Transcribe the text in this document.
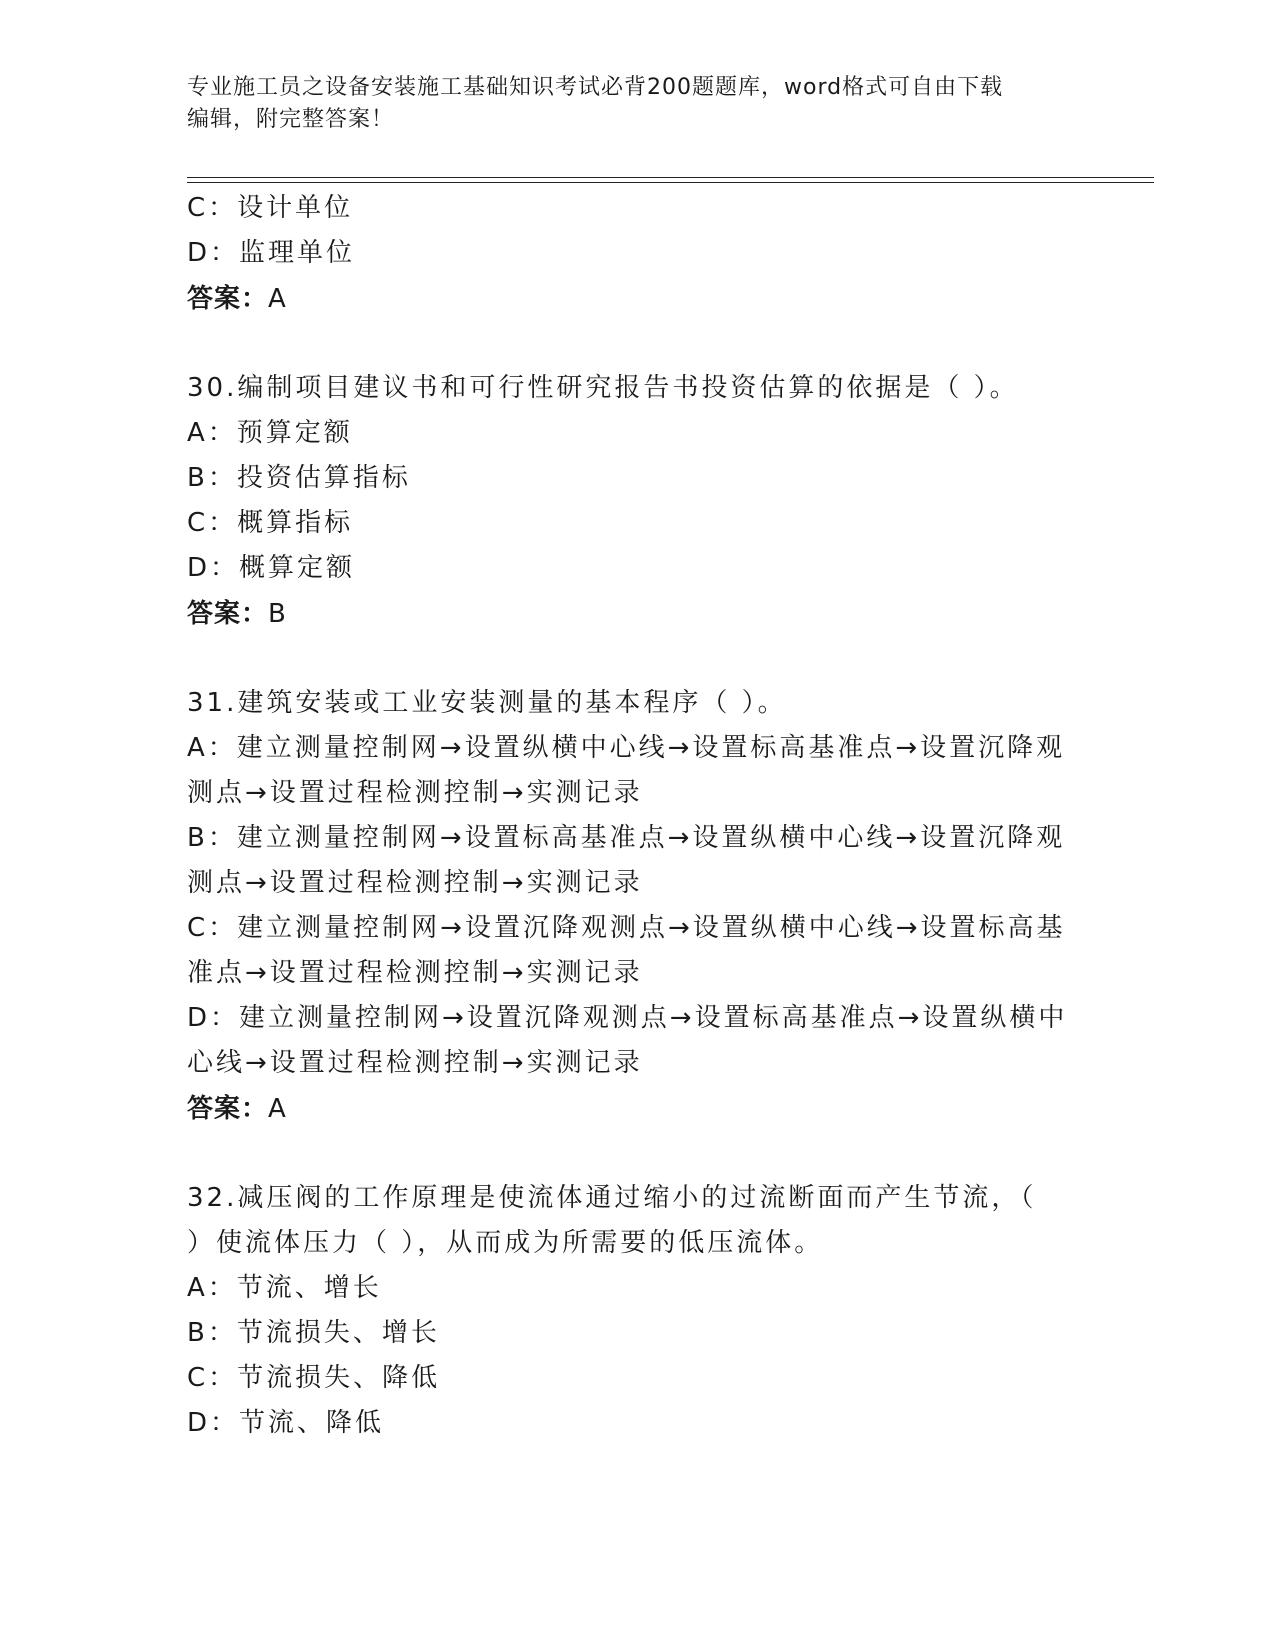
专业施工员之设备安装施工基础知识考试必背200题题库，word格式可自由下载

编辑，附完整答案！

C：设计单位
D：监理单位
答案：A
30.编制项目建议书和可行性研究报告书投资估算的依据是（ ）。
A：预算定额
B：投资估算指标
C：概算指标
D：概算定额
答案：B
31.建筑安装或工业安装测量的基本程序（ ）。
A：建立测量控制网→设置纵横中心线→设置标高基准点→设置沉降观
测点→设置过程检测控制→实测记录
B：建立测量控制网→设置标高基准点→设置纵横中心线→设置沉降观
测点→设置过程检测控制→实测记录
C：建立测量控制网→设置沉降观测点→设置纵横中心线→设置标高基
准点→设置过程检测控制→实测记录
D：建立测量控制网→设置沉降观测点→设置标高基准点→设置纵横中
心线→设置过程检测控制→实测记录
答案：A
32.减压阀的工作原理是使流体通过缩小的过流断面而产生节流，（
）使流体压力（ ），从而成为所需要的低压流体。
A：节流、增长
B：节流损失、增长
C：节流损失、降低
D：节流、降低
